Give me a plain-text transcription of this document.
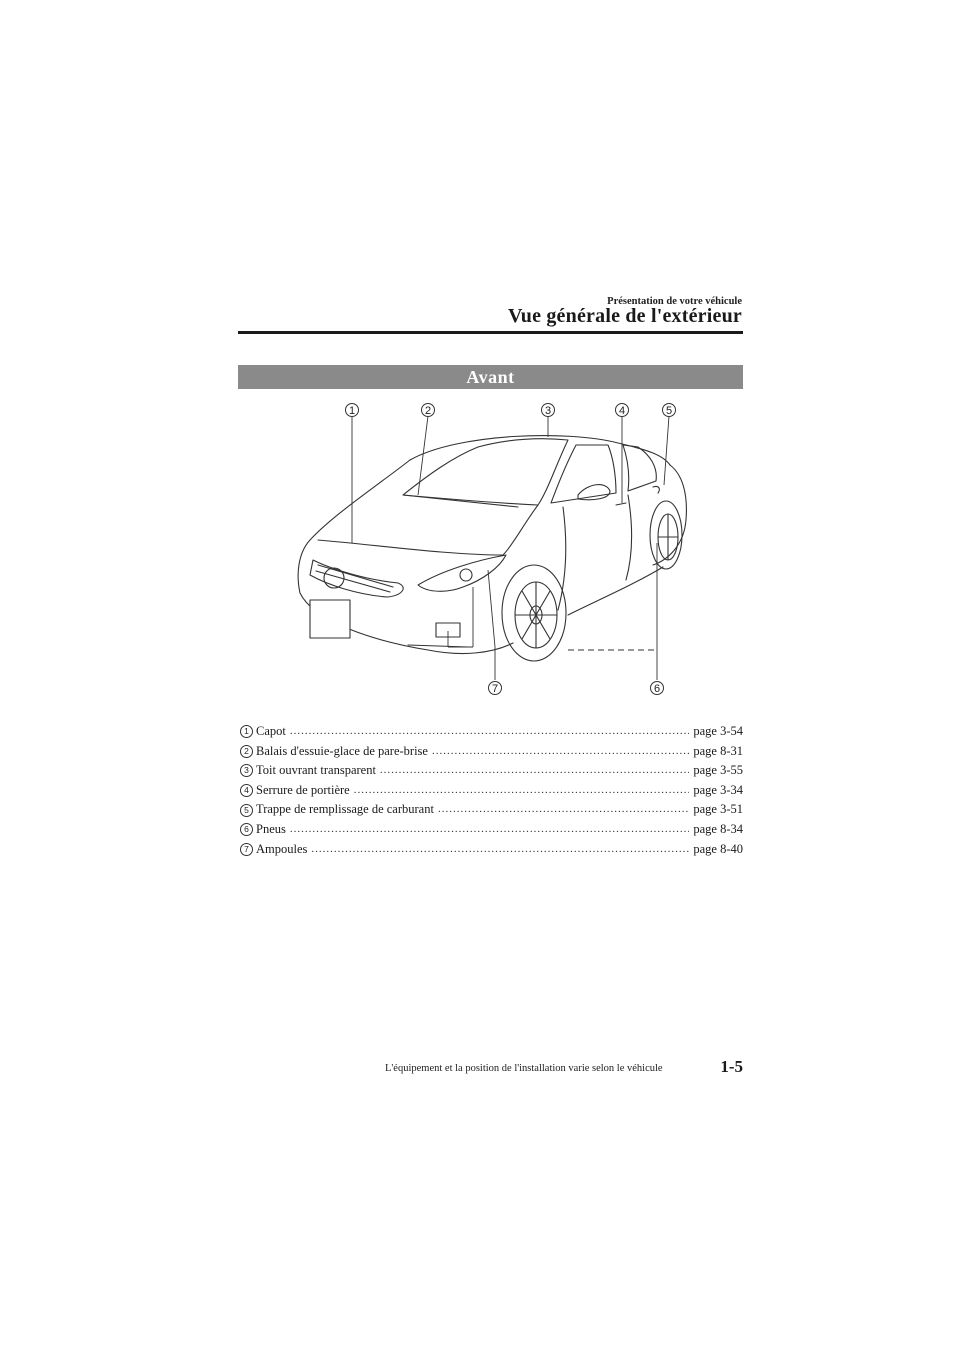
Présentation de votre véhicule
Vue générale de l'extérieur
Avant
1	2	3	4	5
6
7
1 Capot .....	page 3-54
2 Balais d'essuie-glace de pare-brise .....	page 8-31
3 Toit ouvrant transparent .....	page 3-55
4 Serrure de portière .....	page 3-34
5 Trappe de remplissage de carburant .....	page 3-51
6 Pneus .....	page 8-34
7 Ampoules .....	page 8-40
L'équipement et la position de l'installation varie selon le véhicule	1-5
